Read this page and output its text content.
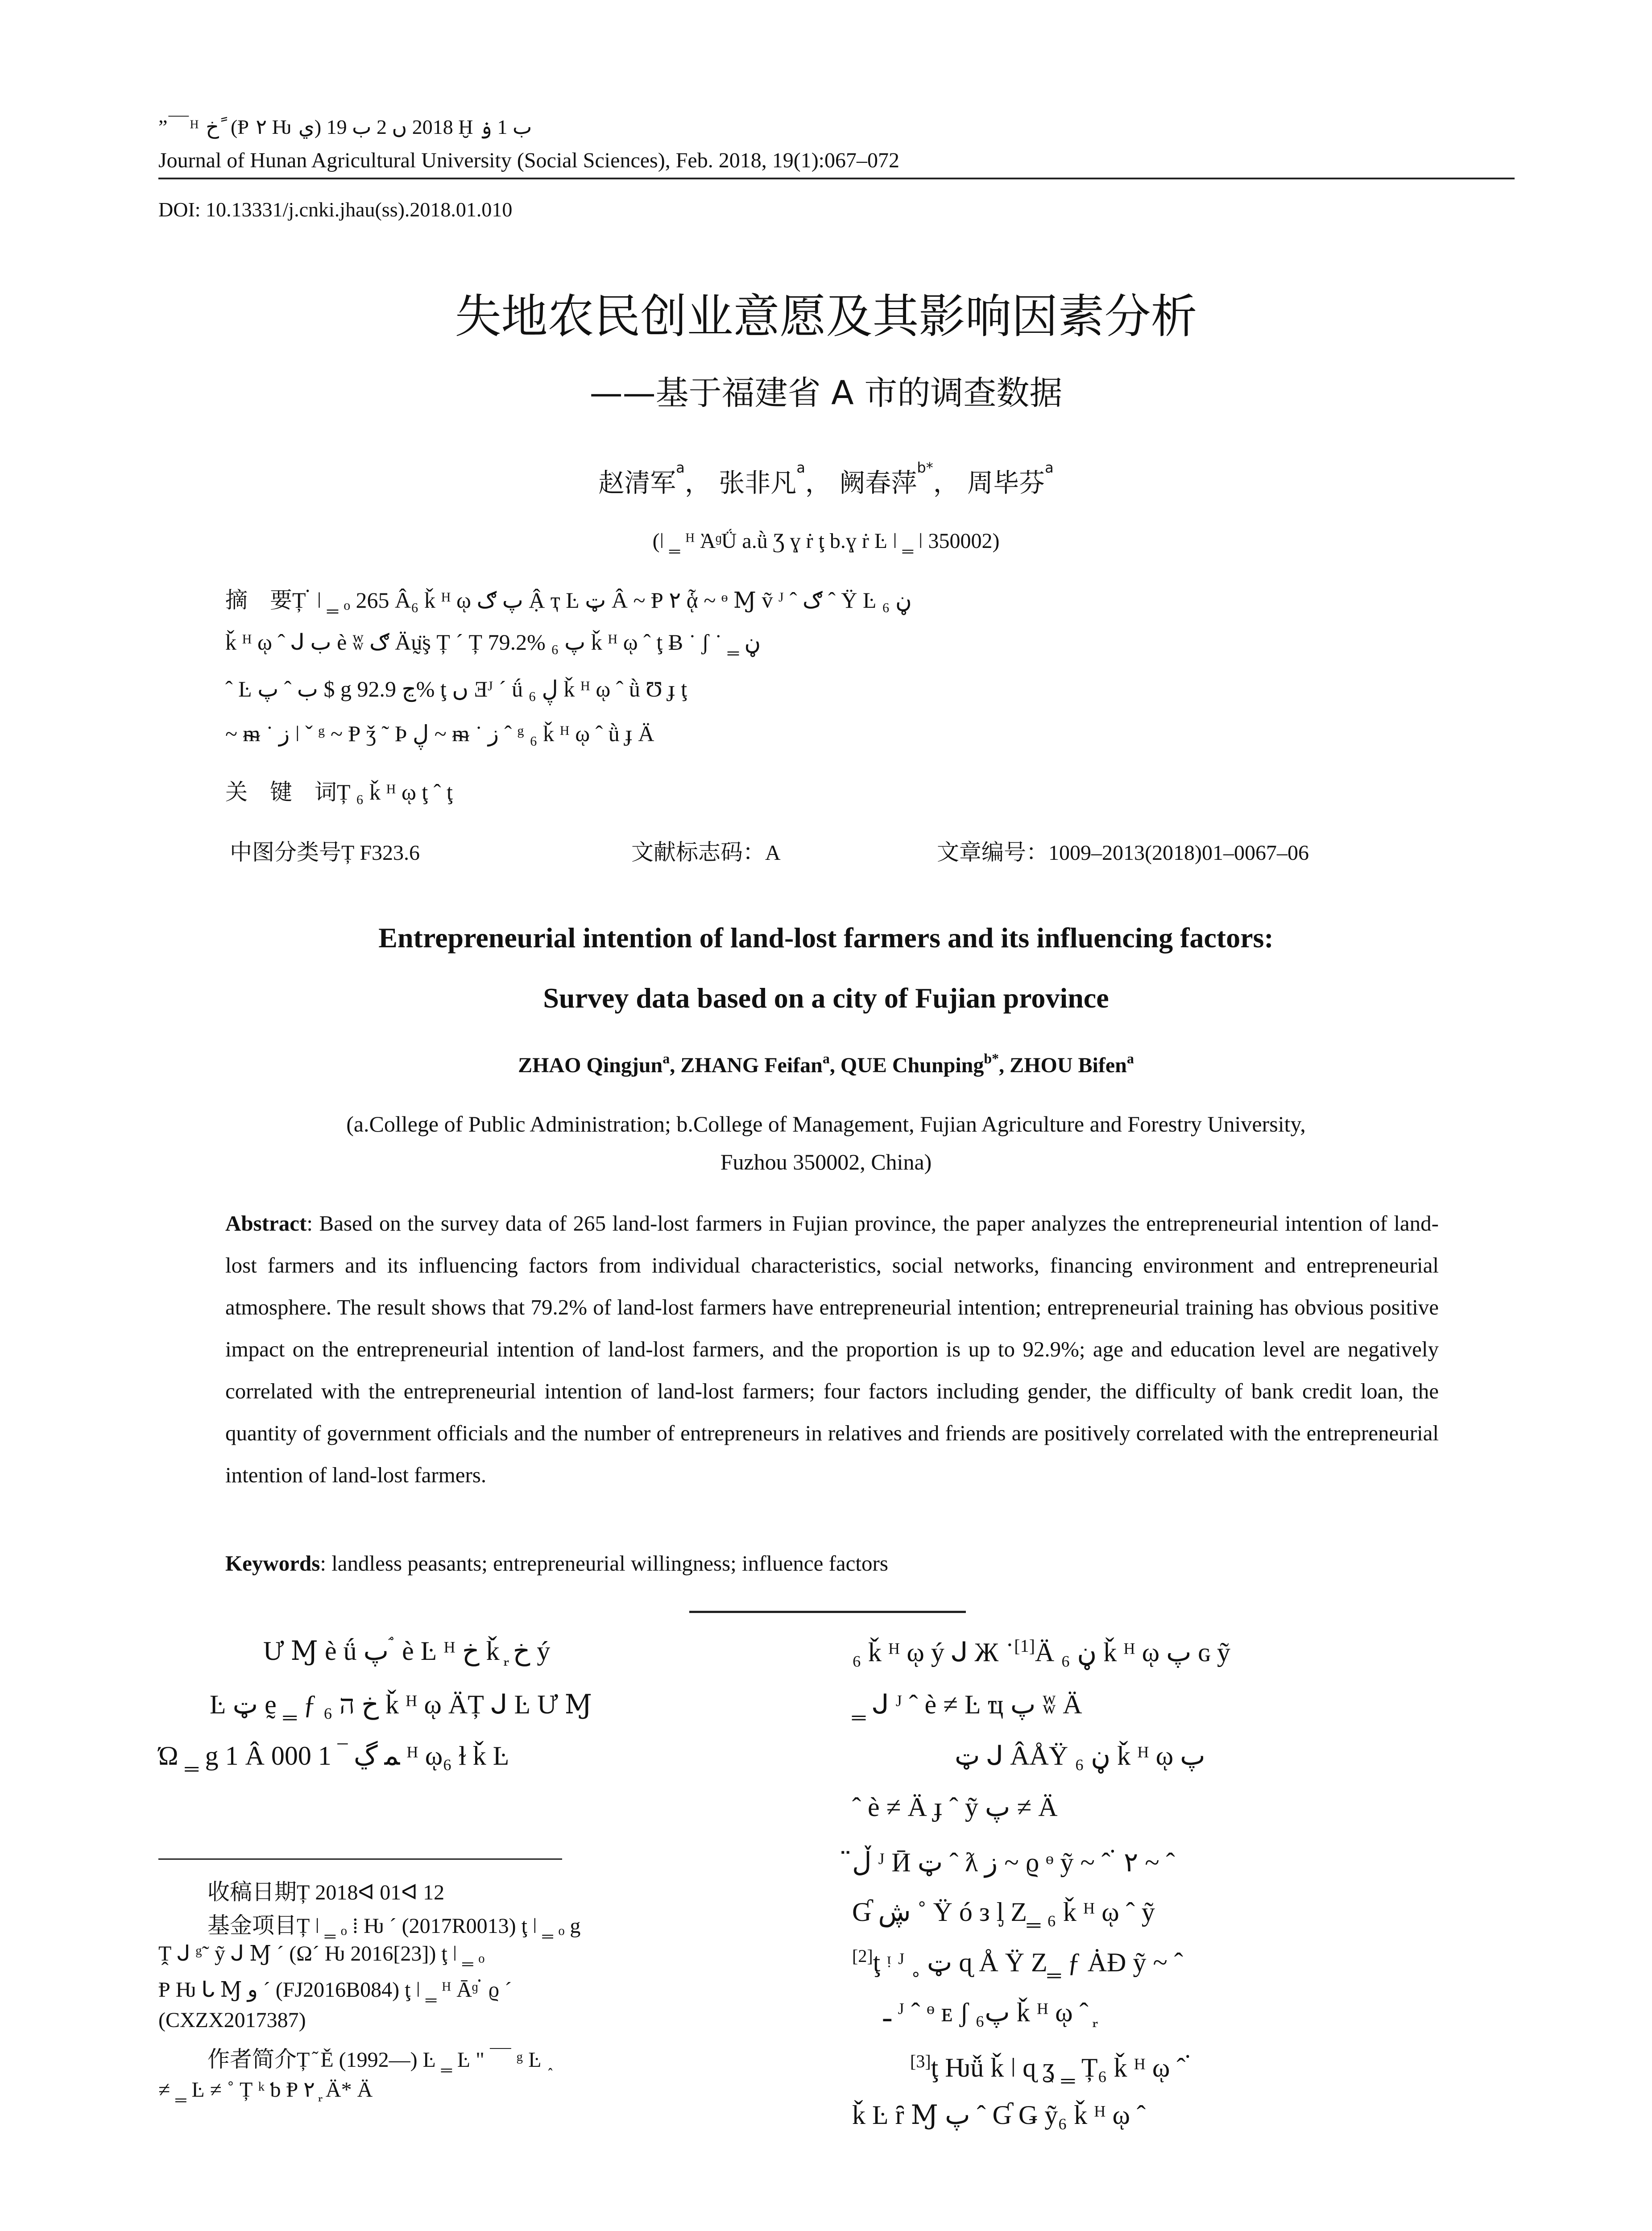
”￣ᴴ خ ً (Ᵽ ۲ Ƕ ي) 2018 ں 2 ب 19 Ḫ ب 1 ۏ
Journal of Hunan Agricultural University (Social Sciences), Feb. 2018, 19(1):067–072
DOI: 10.13331/j.cnki.jhau(ss).2018.01.010
失地农民创业意愿及其影响因素分析
——基于福建省 A 市的调查数据
赵清军$^a$， 张非凡$^a$， 阙春萍$^{b*}$， 周毕芬$^a$
(ǀ ‗ ᴴ ᾺᶢǗ a.ǜ Ʒ ɣ ṙ ţ b.ɣ ṙ Ŀ ǀ ‗ ǀ 350002)
摘　要Ț ᜒ ǀ ‗ ₒ 265 Â₆ ǩ ᴴ ῳ پ ګ Ậ ҭ Ŀ ټ Â ~ Ᵽ ۲ ᾇ ~ ᶱ Ɱ ṽ ᴶ ˆ ګ ˆ Ÿ Ŀ ڼ ₆
ǩ ᴴ ῳ ˆ ᒍ ب è ʬ ګ Äṵ̈ş Ț ´ Ț 79.2% پ ₆ ǩ ᴴ ῳ ˆ ţ Ƀ ˙ ʃ ˙ ‗ ڼ
ˆ Ŀ ب ˆ پ $ g ڃ 92.9% ţ ں Ǝᴶ ´ ǘ ڸ ₆ ǩ ᴴ ῳ ˆ ǜ Ʊ ɟ ţ
~ ᵯ ˙ ز ǀ ˇ ᵍ ~ Ᵽ ǯ ˜ Þ ڸ ~ ᵯ ˙ ز ˆ ᵍ ₆ ǩ ᴴ ῳ ˆ ǜ ɟ Ä
关　键　词Ț ₆ ǩ ᴴ ῳ ţ ˆ ţ
中图分类号Ț F323.6	文献标志码：A	文章编号：1009–2013(2018)01–0067–06
Entrepreneurial intention of land-lost farmers and its influencing factors:
Survey data based on a city of Fujian province
ZHAO Qingjun$^a$, ZHANG Feifan$^a$, QUE Chunping$^{b*}$, ZHOU Bifen$^a$
(a.College of Public Administration; b.College of Management, Fujian Agriculture and Forestry University,
Fuzhou 350002, China)
Abstract: Based on the survey data of 265 land-lost farmers in Fujian province, the paper analyzes the entrepreneurial intention of land-lost farmers and its influencing factors from individual characteristics, social networks, financing environment and entrepreneurial atmosphere. The result shows that 79.2% of land-lost farmers have entrepreneurial intention; entrepreneurial training has obvious positive impact on the entrepreneurial intention of land-lost farmers, and the proportion is up to 92.9%; age and education level are negatively correlated with the entrepreneurial intention of land-lost farmers; four factors including gender, the difficulty of bank credit loan, the quantity of government officials and the number of entrepreneurs in relatives and friends are positively correlated with the entrepreneurial intention of land-lost farmers.
Keywords: landless peasants; entrepreneurial willingness; influence factors
Ư Ɱ è ǘ پ ۘ è Ŀ ᴴ خ ǩ ᷊ خ ý
Ŀ ټ ḛ ‗ ƒ خ ה ₆ ǩ ᴴ ῳ ÄȚ ᒍ Ŀ Ư Ɱ
Ώ ‗ g 1 Â ﻤ ڲ ‾ 1 000 ᴴ ῳ₆ ɫ ǩ Ŀ
₆ ǩ ᴴ ῳ ý ᒍ Ж ˙[1]Ä ڼ ₆ ǩ ᴴ ῳ پ ɢ ỹ
‗ ᒍ ᴶ ˆ è ≠ Ŀ ҵ پ ʬ Ä
ټ ᒍ ÂÅŸ ڼ ₆ ǩ ᴴ ῳ پ
ˆ è ≠ Ä ɟ ˆ ỹ پ ≠ Ä
ڵ̈ ᴶ Ӣ ټ ˆ ƛ ز ~ ϱ ᶱ ỹ ~ ˆ ᜒ ۲ ~ ˆ
Ɠ ڜ ˚ Ÿ ó ᴈ ᶅ Ζ‗ ₆ ǩ ᴴ ῳ ˆ ỹ
[2]ţ ᵎ ᴶ ˳ ټ ɋ Å Ÿ Ζ‗ ƒ ȦĐ ỹ ~ ˆ
ـ ᴶ ˆ ᶱ ᴇ ʃ پ₆ ǩ ᴴ ῳ ˆ ᷊
[3]ţ Ƕǚ ǩ ǀ ɋ ʓ ‗ Ț₆ ǩ ᴴ ῳ ˆ ᜒ
ǩ Ŀ ȓ Ɱ پ ˆ Ɠ Ǥ ỹ₆ ǩ ᴴ ῳ ˆ
收稿日期Ț 2018ᐊ 01ᐊ 12
基金项目Ț ǀ ‗ ₒ ⁞ Ƕ ˊ (2017R0013) ţ ǀ ‗ ₒ g
Ṱ ᒍ ᵍ˜ ỹ ᒍ Ɱ ˊ (Ω´ Ƕ 2016[23]) ţ ǀ ‗ ₒ
Ᵽ Ƕ ᒐ Ɱ و ˊ (FJ2016B084) ţ ǀ ‗ ᴴ Ᾱᶢ ᜒ ϱ ˊ
(CXZX2017387)
作者简介Ț ᷉ Ě (1992—) Ŀ ‗ Ŀ " ￣ ᵍ Ŀ ˰
≠ ‗ Ŀ ≠ ˚ Ț ᵏ ƅ Ᵽ ۲ ᷊ Ä* Ä
